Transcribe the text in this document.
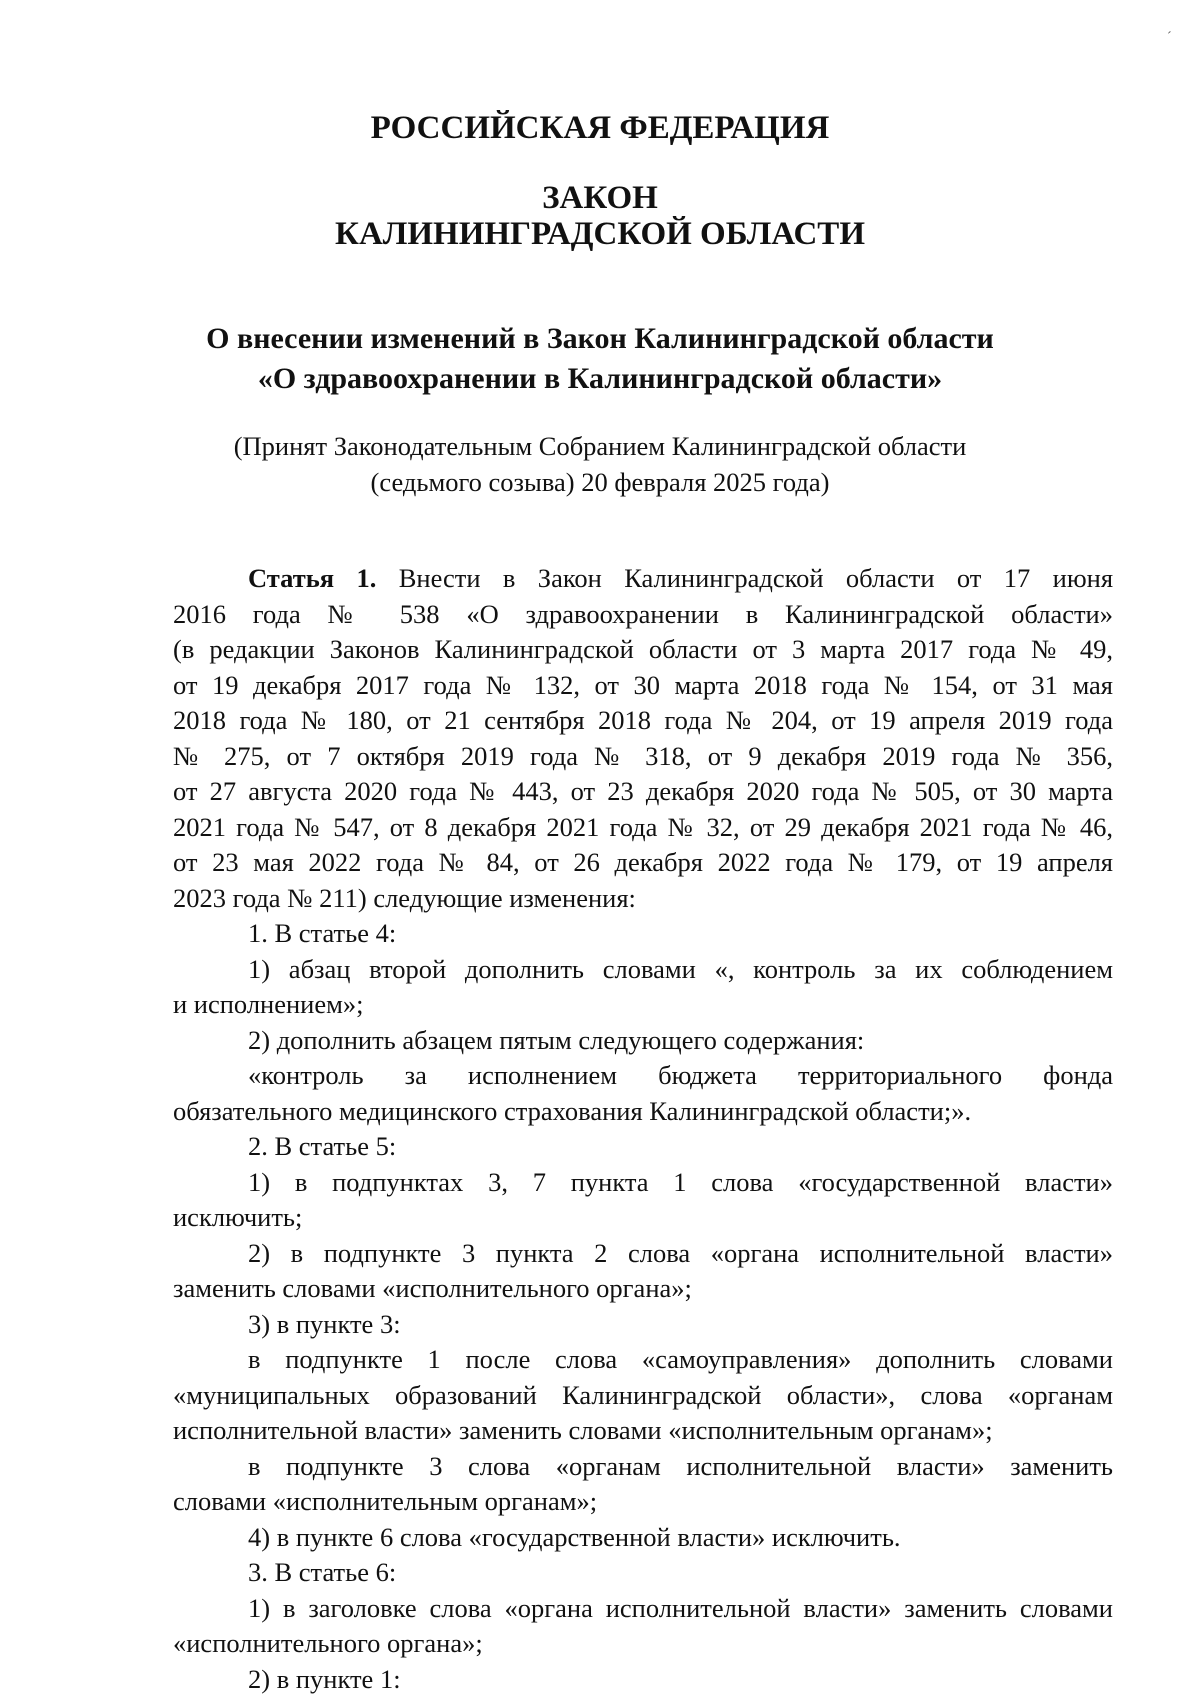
´
РОССИЙСКАЯ ФЕДЕРАЦИЯ
ЗАКОН
КАЛИНИНГРАДСКОЙ ОБЛАСТИ
О внесении изменений в Закон Калининградской области
«О здравоохранении в Калининградской области»
(Принят Законодательным Собранием Калининградской области
(седьмого созыва) 20 февраля 2025 года)
Статья 1. Внести в Закон Калининградской области от 17 июня
2016 года № 538 «О здравоохранении в Калининградской области»
(в редакции Законов Калининградской области от 3 марта 2017 года № 49,
от 19 декабря 2017 года № 132, от 30 марта 2018 года № 154, от 31 мая
2018 года № 180, от 21 сентября 2018 года № 204, от 19 апреля 2019 года
№ 275, от 7 октября 2019 года № 318, от 9 декабря 2019 года № 356,
от 27 августа 2020 года № 443, от 23 декабря 2020 года № 505, от 30 марта
2021 года № 547, от 8 декабря 2021 года № 32, от 29 декабря 2021 года № 46,
от 23 мая 2022 года № 84, от 26 декабря 2022 года № 179, от 19 апреля
2023 года № 211) следующие изменения:
1. В статье 4:
1) абзац второй дополнить словами «, контроль за их соблюдением
и исполнением»;
2) дополнить абзацем пятым следующего содержания:
«контроль за исполнением бюджета территориального фонда
обязательного медицинского страхования Калининградской области;».
2. В статье 5:
1) в подпунктах 3, 7 пункта 1 слова «государственной власти»
исключить;
2) в подпункте 3 пункта 2 слова «органа исполнительной власти»
заменить словами «исполнительного органа»;
3) в пункте 3:
в подпункте 1 после слова «самоуправления» дополнить словами
«муниципальных образований Калининградской области», слова «органам
исполнительной власти» заменить словами «исполнительным органам»;
в подпункте 3 слова «органам исполнительной власти» заменить
словами «исполнительным органам»;
4) в пункте 6 слова «государственной власти» исключить.
3. В статье 6:
1) в заголовке слова «органа исполнительной власти» заменить словами
«исполнительного органа»;
2) в пункте 1:
